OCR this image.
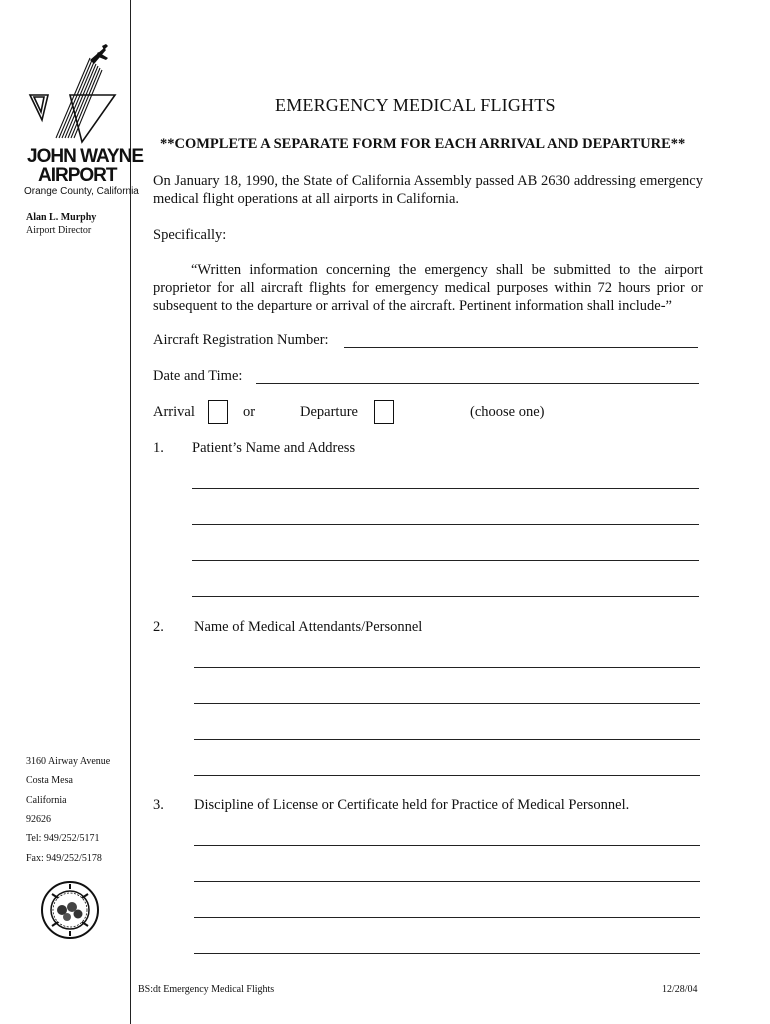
JOHN WAYNE
AIRPORT
Orange County, California
Alan L. Murphy
Airport Director
3160 Airway Avenue
Costa Mesa
California
92626
Tel: 949/252/5171
Fax: 949/252/5178
EMERGENCY MEDICAL FLIGHTS
**COMPLETE A SEPARATE FORM FOR EACH ARRIVAL AND DEPARTURE**
On January 18, 1990, the State of California Assembly passed AB 2630 addressing emergency medical flight operations at all airports in California.
Specifically:
“Written information concerning the emergency shall be submitted to the airport proprietor for all aircraft flights for emergency medical purposes within 72 hours prior or subsequent to the departure or arrival of the aircraft. Pertinent information shall include-”
Aircraft Registration Number:
Date and Time:
Arrival	or	Departure	(choose one)
1. Patient’s Name and Address
2. Name of Medical Attendants/Personnel
3. Discipline of License or Certificate held for Practice of Medical Personnel.
BS:dt Emergency Medical Flights	12/28/04
